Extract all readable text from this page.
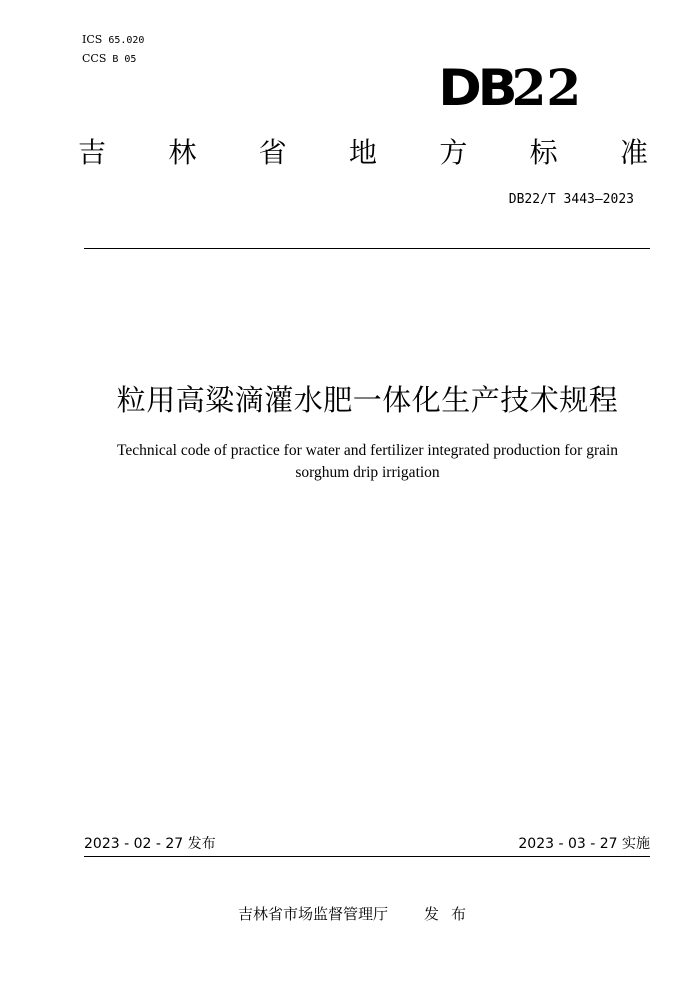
ICS 65.020
CCS B 05	DB22
吉 林 省 地 方 标 准
DB22/T 3443—2023
粒用高粱滴灌水肥一体化生产技术规程
Technical code of practice for water and fertilizer integrated production for grain
sorghum drip irrigation
2023 - 02 - 27 发布	2023 - 03 - 27 实施
吉林省市场监督管理厅 发布
